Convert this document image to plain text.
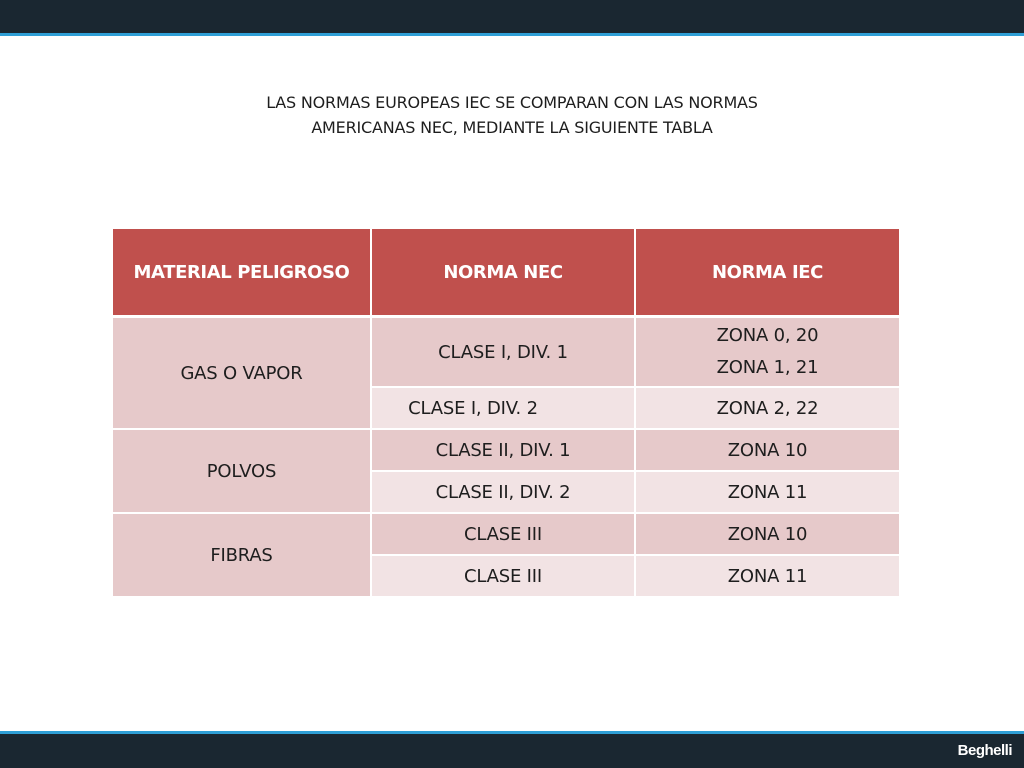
LAS NORMAS EUROPEAS IEC SE COMPARAN CON LAS NORMAS
AMERICANAS NEC, MEDIANTE LA SIGUIENTE TABLA
MATERIAL PELIGROSO	NORMA NEC	NORMA IEC
GAS O VAPOR	CLASE I, DIV. 1	ZONA 0, 20
ZONA 1, 21

	CLASE I, DIV. 2	ZONA 2, 22
POLVOS	CLASE II, DIV. 1	ZONA 10
	CLASE II, DIV. 2	ZONA 11
FIBRAS	CLASE III	ZONA 10
	CLASE III	ZONA 11
Beghelli
